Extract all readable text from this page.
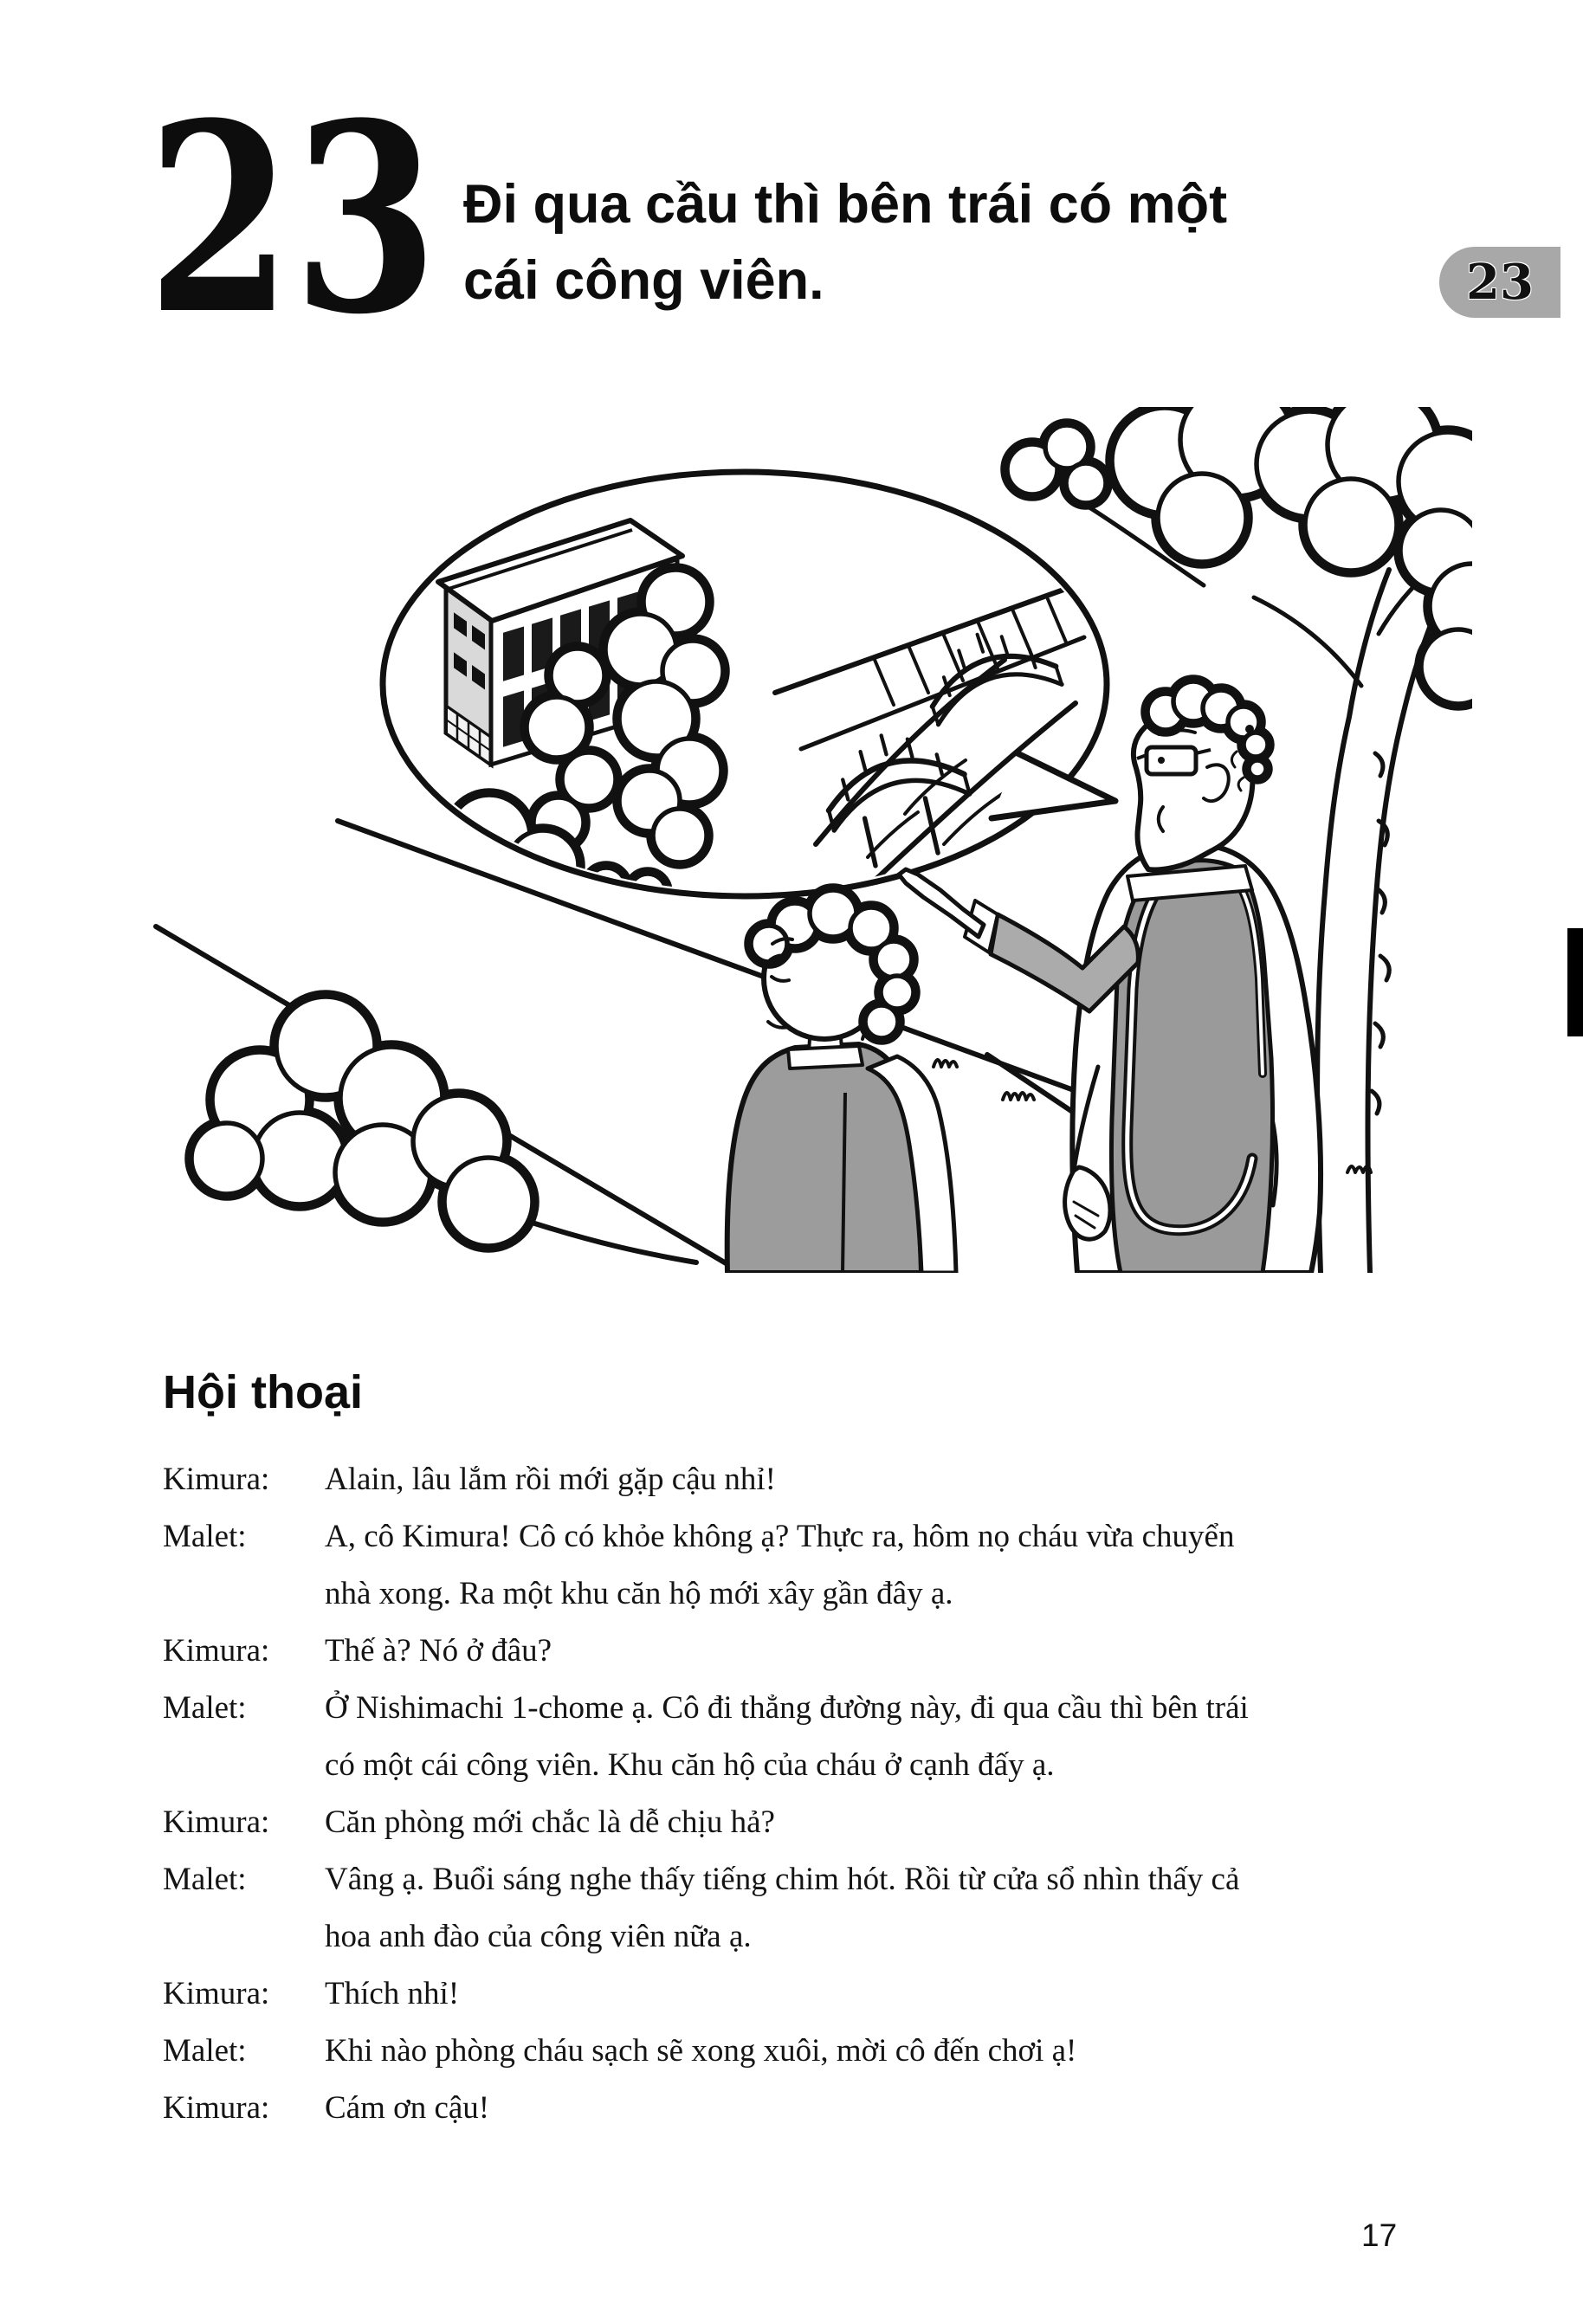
23 Đi qua cầu thì bên trái có một
cái công viên.	23
Hội thoại
Kimura:	Alain, lâu lắm rồi mới gặp cậu nhỉ!
Malet:	A, cô Kimura! Cô có khỏe không ạ? Thực ra, hôm nọ cháu vừa chuyển
nhà xong. Ra một khu căn hộ mới xây gần đây ạ.
Kimura:	Thế à? Nó ở đâu?
Malet:	Ở Nishimachi 1-chome ạ. Cô đi thẳng đường này, đi qua cầu thì bên trái
có một cái công viên. Khu căn hộ của cháu ở cạnh đấy ạ.
Kimura:	Căn phòng mới chắc là dễ chịu hả?
Malet:	Vâng ạ. Buổi sáng nghe thấy tiếng chim hót. Rồi từ cửa sổ nhìn thấy cả
hoa anh đào của công viên nữa ạ.
Kimura:	Thích nhỉ!
Malet:	Khi nào phòng cháu sạch sẽ xong xuôi, mời cô đến chơi ạ!
Kimura:	Cám ơn cậu!
17
